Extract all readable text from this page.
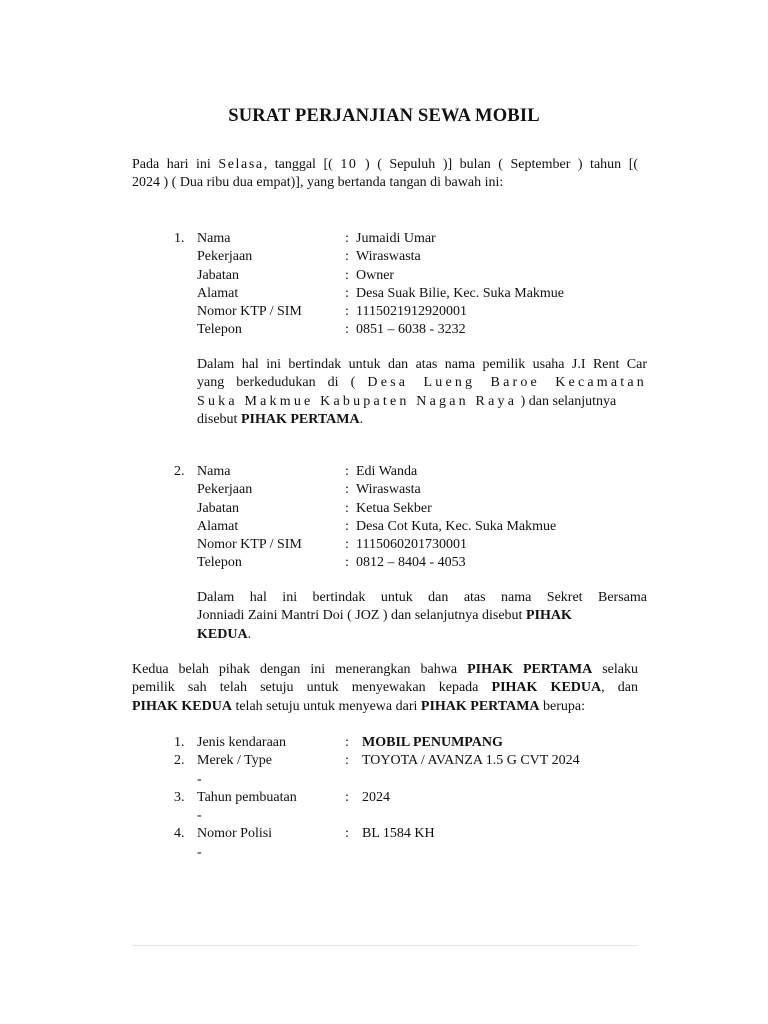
SURAT PERJANJIAN SEWA MOBIL
Pada hari ini Selasa, tanggal [( 10 ) ( Sepuluh )] bulan ( September ) tahun [(
2024 ) ( Dua ribu dua empat)], yang bertanda tangan di bawah ini:
1. Nama	: Jumaidi Umar
Pekerjaan	: Wiraswasta
Jabatan	: Owner
Alamat	: Desa Suak Bilie, Kec. Suka Makmue
Nomor KTP / SIM	: 1115021912920001
Telepon	: 0851 – 6038 - 3232
Dalam hal ini bertindak untuk dan atas nama pemilik usaha J.I Rent Car
yang berkedudukan di ( Desa Lueng Baroe Kecamatan
Suka Makmue Kabupaten Nagan Raya ) dan selanjutnya
disebut PIHAK PERTAMA.
2. Nama	: Edi Wanda
Pekerjaan	: Wiraswasta
Jabatan	: Ketua Sekber
Alamat	: Desa Cot Kuta, Kec. Suka Makmue
Nomor KTP / SIM	: 1115060201730001
Telepon	: 0812 – 8404 - 4053
Dalam hal ini bertindak untuk dan atas nama Sekret Bersama
Jonniadi Zaini Mantri Doi ( JOZ ) dan selanjutnya disebut PIHAK
KEDUA.
Kedua belah pihak dengan ini menerangkan bahwa PIHAK PERTAMA selaku
pemilik sah telah setuju untuk menyewakan kepada PIHAK KEDUA, dan
PIHAK KEDUA telah setuju untuk menyewa dari PIHAK PERTAMA berupa:
1. Jenis kendaraan	: MOBIL PENUMPANG
2. Merek / Type	: TOYOTA / AVANZA 1.5 G CVT 2024
-
3. Tahun pembuatan	: 2024
-
4. Nomor Polisi	: BL 1584 KH
-
